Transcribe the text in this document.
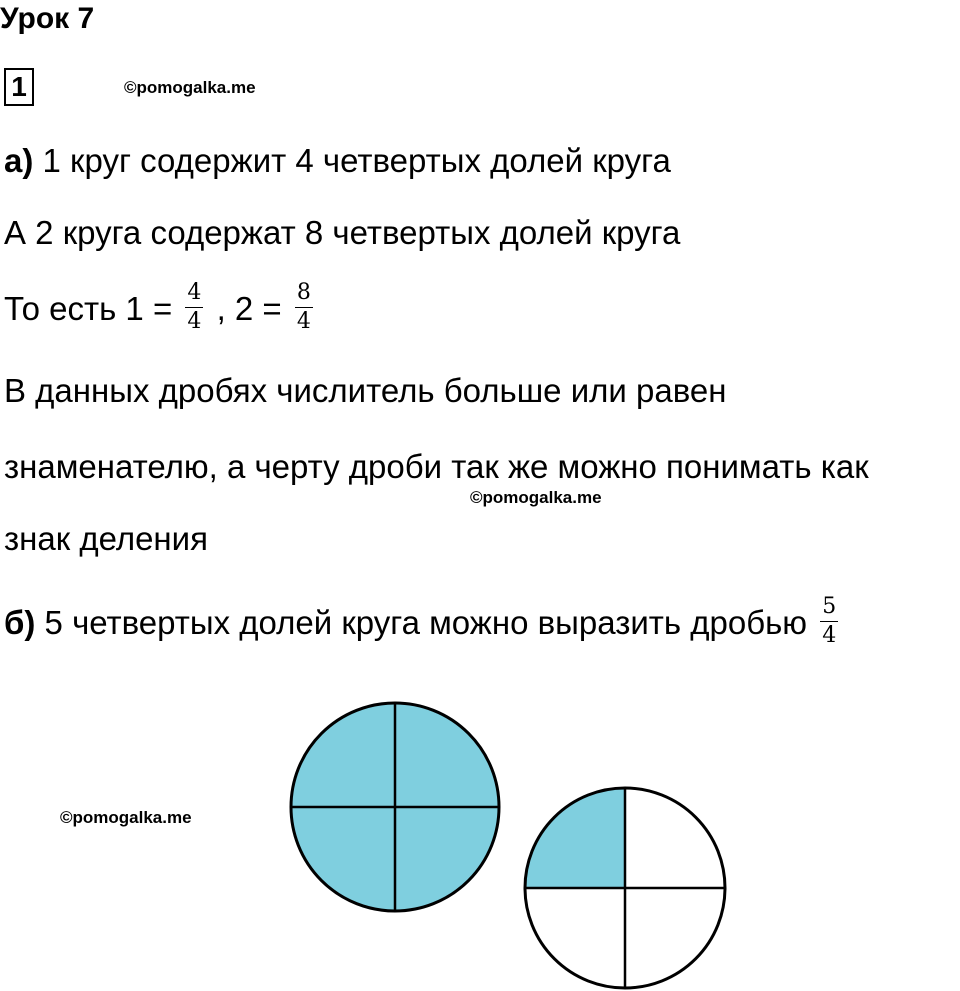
Урок 7
1	©pomogalka.me
а) 1 круг содержит 4 четвертых долей круга
А 2 круга содержат 8 четвертых долей круга
То есть $1 = \frac{4}{4}$ , $2 = \frac{8}{4}$
В данных дробях числитель больше или равен
знаменателю, а черту дроби так же можно понимать как
©pomogalka.me
знак деления
б) 5 четвертых долей круга можно выразить дробью $\frac{5}{4}$
©pomogalka.me
